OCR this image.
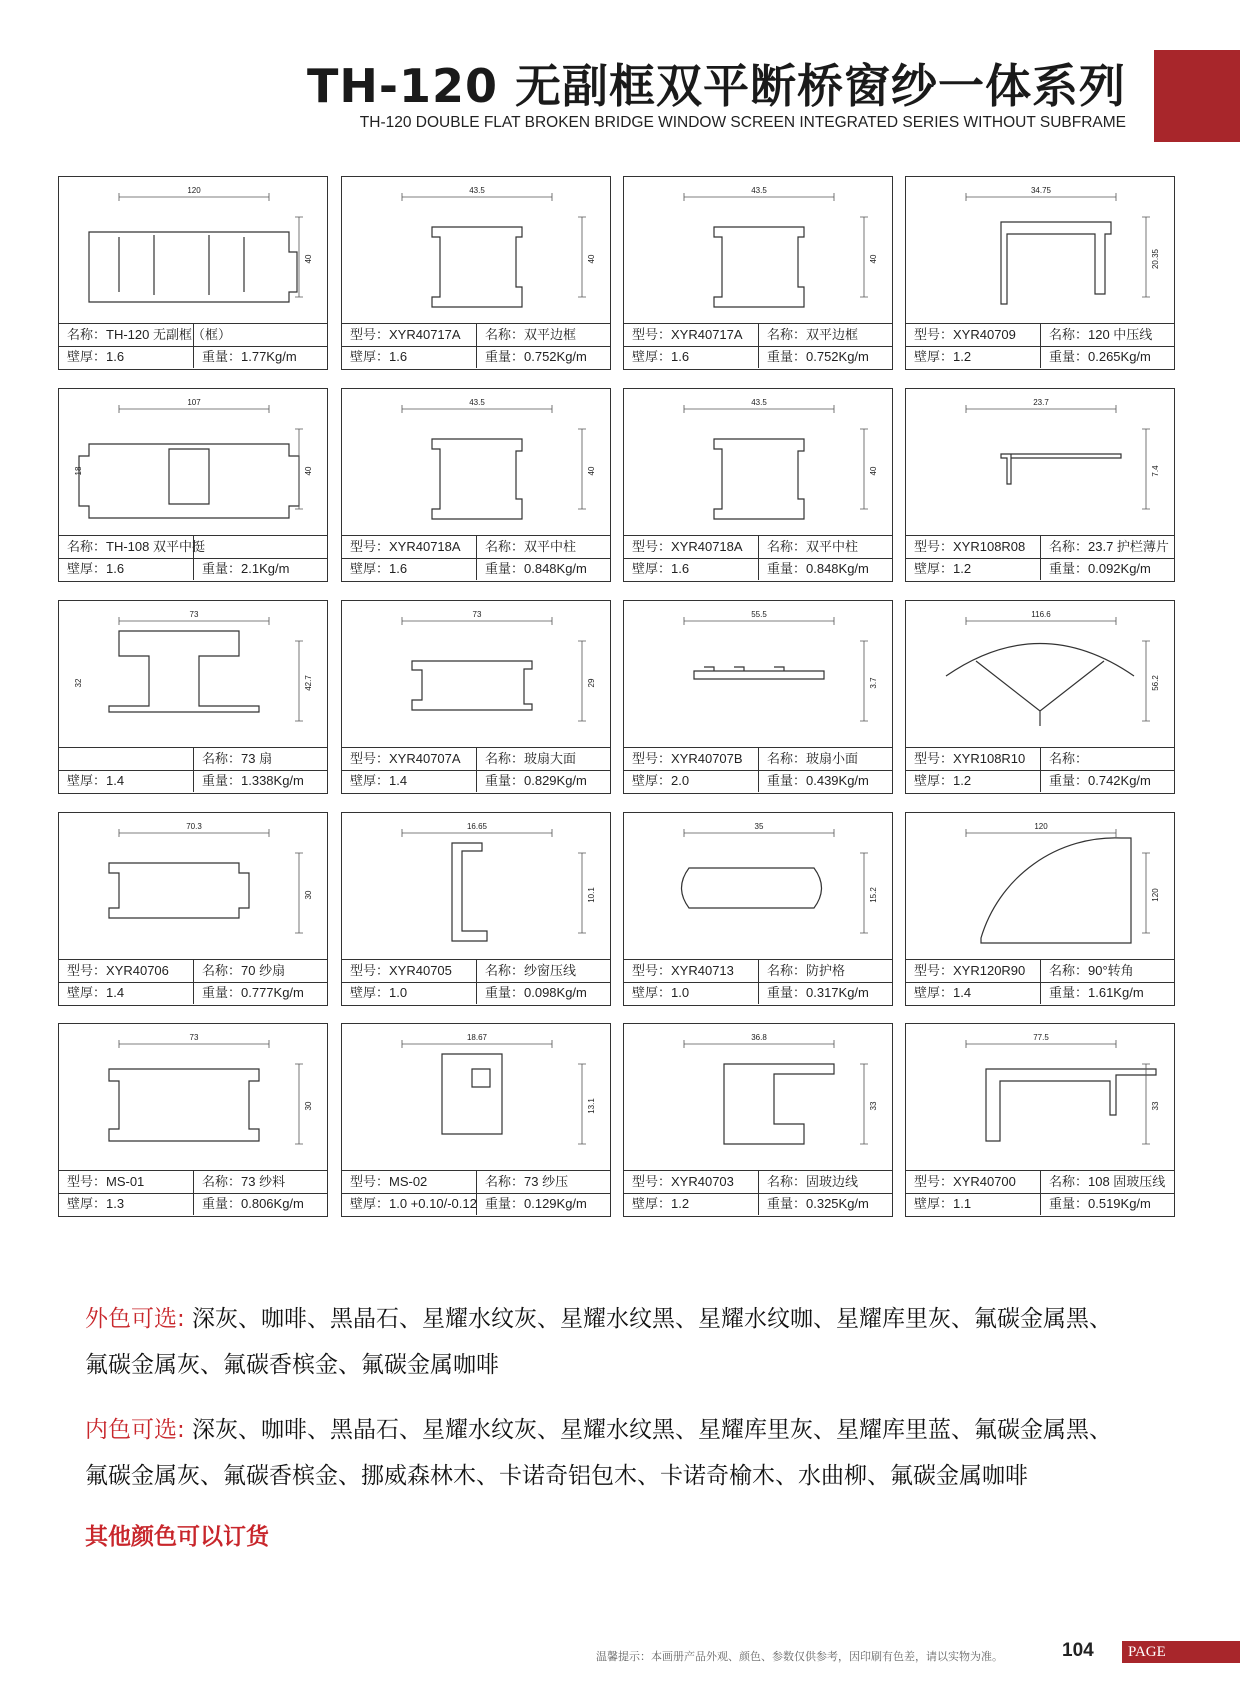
TH-120 无副框双平断桥窗纱一体系列
TH-120 DOUBLE FLAT BROKEN BRIDGE WINDOW SCREEN INTEGRATED SERIES WITHOUT SUBFRAME
120
40
名称：TH-120 无副框（框）
壁厚：1.6	重量：1.77Kg/m
43.5
40
型号：XYR40717A	名称：双平边框
壁厚：1.6	重量：0.752Kg/m
43.5
40
型号：XYR40717A	名称：双平边框
壁厚：1.6	重量：0.752Kg/m
34.75
20.35
型号：XYR40709	名称：120 中压线
壁厚：1.2	重量：0.265Kg/m
107
40
18
名称：TH-108 双平中挺
壁厚：1.6	重量：2.1Kg/m
43.5
40
型号：XYR40718A	名称：双平中柱
壁厚：1.6	重量：0.848Kg/m
43.5
40
型号：XYR40718A	名称：双平中柱
壁厚：1.6	重量：0.848Kg/m
23.7
7.4
型号：XYR108R08	名称：23.7 护栏薄片
壁厚：1.2	重量：0.092Kg/m
73
42.7
32
名称：73 扇
壁厚：1.4	重量：1.338Kg/m
73
29
型号：XYR40707A	名称：玻扇大面
壁厚：1.4	重量：0.829Kg/m
55.5
3.7
型号：XYR40707B	名称：玻扇小面
壁厚：2.0	重量：0.439Kg/m
116.6
56.2
型号：XYR108R10	名称：
壁厚：1.2	重量：0.742Kg/m
70.3
30
型号：XYR40706	名称：70 纱扇
壁厚：1.4	重量：0.777Kg/m
16.65
10.1
型号：XYR40705	名称：纱窗压线
壁厚：1.0	重量：0.098Kg/m
35
15.2
型号：XYR40713	名称：防护格
壁厚：1.0	重量：0.317Kg/m
120
120
型号：XYR120R90	名称：90°转角
壁厚：1.4	重量：1.61Kg/m
73
30
型号：MS-01	名称：73 纱料
壁厚：1.3	重量：0.806Kg/m
18.67
13.1
型号：MS-02	名称：73 纱压
壁厚：1.0 +0.10/-0.12 重量：0.129Kg/m
36.8
33
型号：XYR40703	名称：固玻边线
壁厚：1.2	重量：0.325Kg/m
77.5
33
型号：XYR40700	名称：108 固玻压线
壁厚：1.1	重量：0.519Kg/m
外色可选: 深灰、咖啡、黑晶石、星耀水纹灰、星耀水纹黑、星耀水纹咖、星耀库里灰、氟碳金属黑、
氟碳金属灰、氟碳香槟金、氟碳金属咖啡
内色可选: 深灰、咖啡、黑晶石、星耀水纹灰、星耀水纹黑、星耀库里灰、星耀库里蓝、氟碳金属黑、
氟碳金属灰、氟碳香槟金、挪威森林木、卡诺奇铝包木、卡诺奇榆木、水曲柳、氟碳金属咖啡
其他颜色可以订货
温馨提示：本画册产品外观、颜色、参数仅供参考，因印刷有色差，请以实物为准。	104	PAGE
